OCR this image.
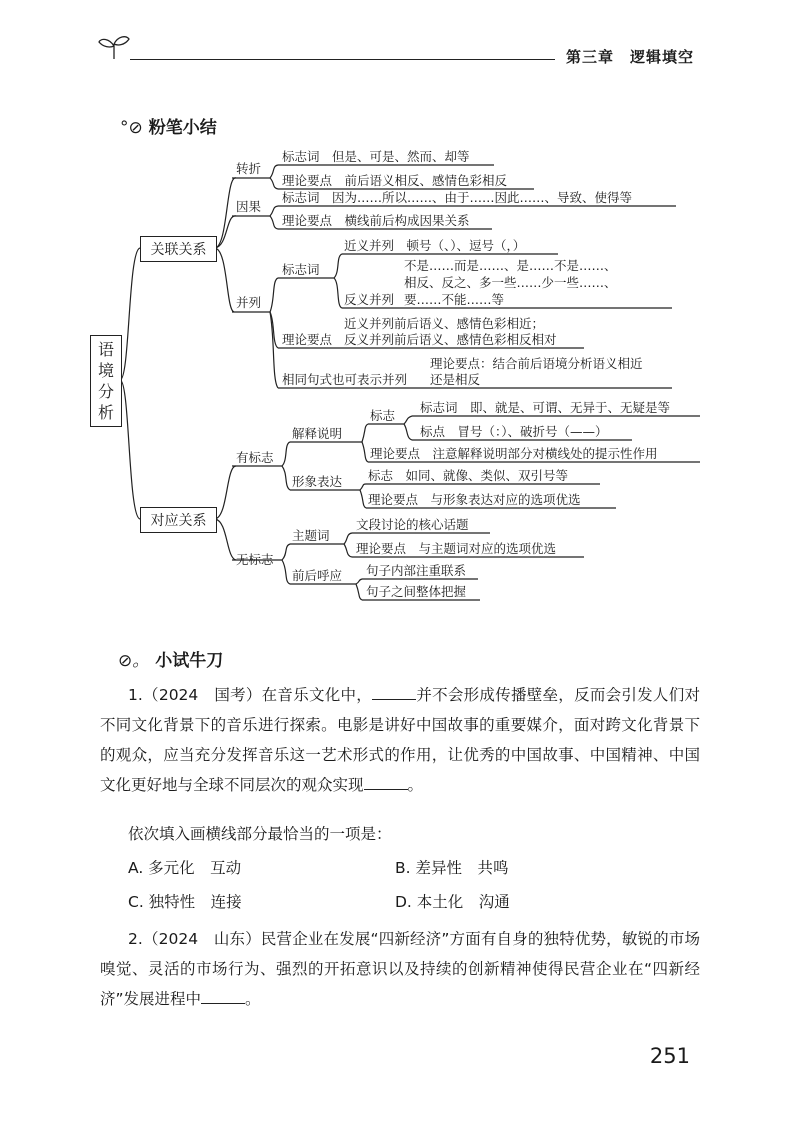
第三章　 逻辑填空
°⊘ 粉笔小结
语
境
分
析
关联关系
对应关系
转折
标志词　但是、可是、然而、却等
理论要点　前后语义相反、感情色彩相反
因果
标志词　因为……所以……、由于……因此……、导致、使得等
理论要点　横线前后构成因果关系
并列
标志词
近义并列　顿号（、）、逗号（，）
反义并列
不是……而是……、是……不是……、
相反、反之、多一些……少一些……、
要……不能……等
理论要点
近义并列前后语义、感情色彩相近；
反义并列前后语义、感情色彩相反相对
相同句式也可表示并列
理论要点：结合前后语境分析语义相近
还是相反
有标志
解释说明
标志
标志词　即、就是、可谓、无异于、无疑是等
标点　冒号（：）、破折号（——）
理论要点　注意解释说明部分对横线处的提示性作用
形象表达 标志　如同、就像、类似、双引号等
理论要点　与形象表达对应的选项优选
无标志
主题词
文段讨论的核心话题
理论要点　与主题词对应的选项优选
前后呼应 句子内部注重联系
句子之间整体把握
⊘。 小试牛刀
1.（2024　国考）在音乐文化中，	并不会形成传播壁垒，反而会引发人们对不同文化背景下的音乐进行探索。电影是讲好中国故事的重要媒介，面对跨文化背景下的观众，应当充分发挥音乐这一艺术形式的作用，让优秀的中国故事、中国精神、中国文化更好地与全球不同层次的观众实现	。
依次填入画横线部分最恰当的一项是：
A. 多元化　互动	B. 差异性　共鸣
C. 独特性　连接	D. 本土化　沟通
2.（2024　山东）民营企业在发展“四新经济”方面有自身的独特优势，敏锐的市场嗅觉、灵活的市场行为、强烈的开拓意识以及持续的创新精神使得民营企业在“四新经济”发展进程中	。
251
